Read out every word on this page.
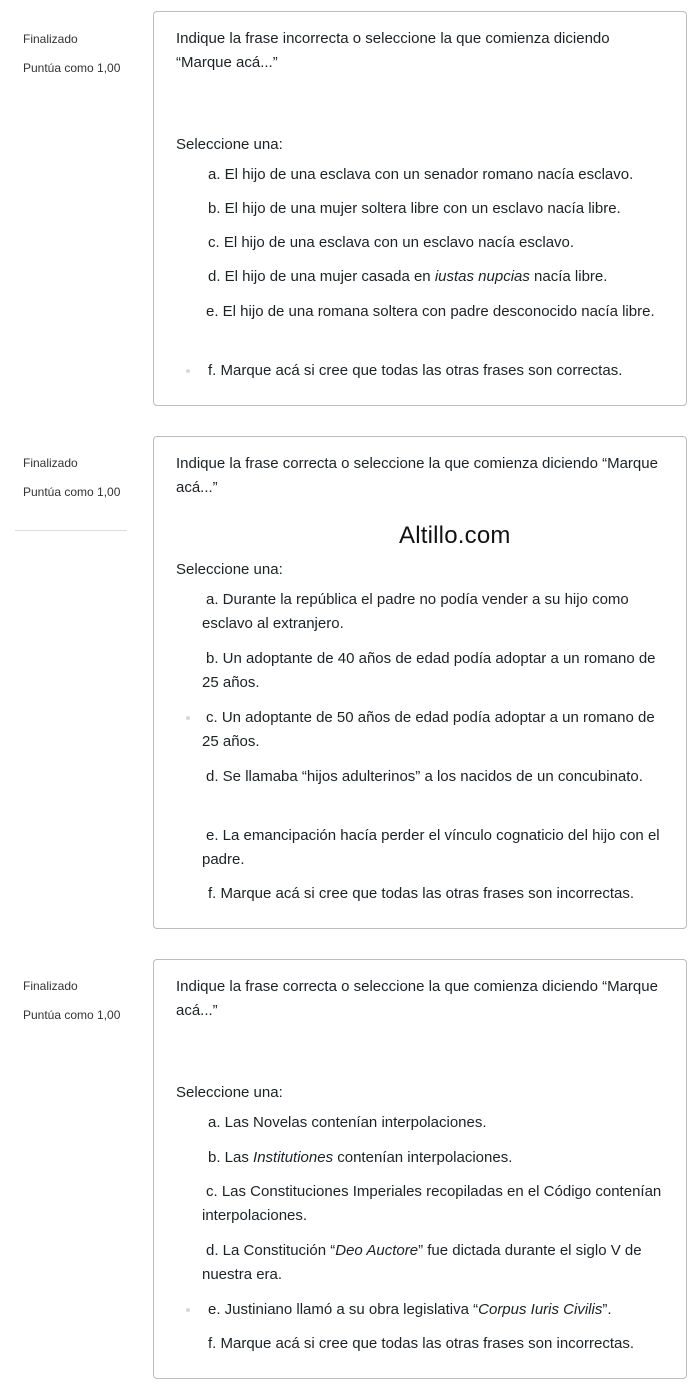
Finalizado
Puntúa como 1,00

Indique la frase incorrecta o seleccione la que comienza diciendo “Marque acá...”

Seleccione una:
a. El hijo de una esclava con un senador romano nacía esclavo.
b. El hijo de una mujer soltera libre con un esclavo nacía libre.
c. El hijo de una esclava con un esclavo nacía esclavo.
d. El hijo de una mujer casada en iustas nupcias nacía libre.
e. El hijo de una romana soltera con padre desconocido nacía libre.
f. Marque acá si cree que todas las otras frases son correctas.
Finalizado
Puntúa como 1,00

Indique la frase correcta o seleccione la que comienza diciendo “Marque acá...”

Seleccione una:
a. Durante la república el padre no podía vender a su hijo como esclavo al extranjero.
b. Un adoptante de 40 años de edad podía adoptar a un romano de 25 años.
c. Un adoptante de 50 años de edad podía adoptar a un romano de 25 años.
d. Se llamaba “hijos adulterinos” a los nacidos de un concubinato.
e. La emancipación hacía perder el vínculo cognaticio del hijo con el padre.
f. Marque acá si cree que todas las otras frases son incorrectas.
Altillo.com
Finalizado
Puntúa como 1,00

Indique la frase correcta o seleccione la que comienza diciendo “Marque acá...”

Seleccione una:
a. Las Novelas contenían interpolaciones.
b. Las Institutiones contenían interpolaciones.
c. Las Constituciones Imperiales recopiladas en el Código contenían interpolaciones.
d. La Constitución “Deo Auctore” fue dictada durante el siglo V de nuestra era.
e. Justiniano llamó a su obra legislativa “Corpus Iuris Civilis”.
f. Marque acá si cree que todas las otras frases son incorrectas.
